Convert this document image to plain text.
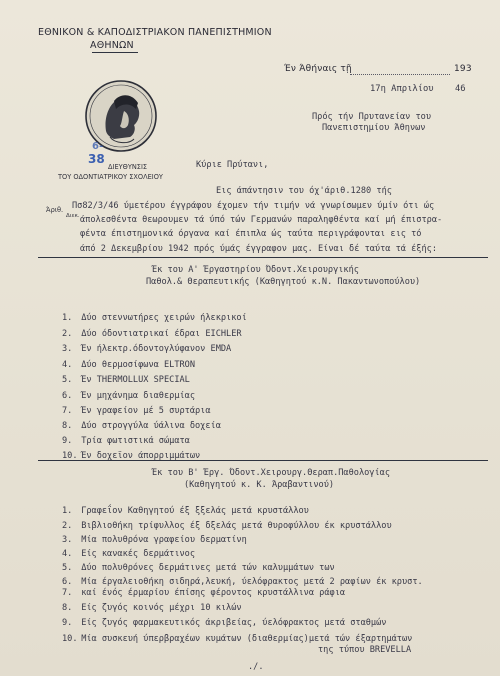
ΕΘΝΙΚΟΝ & ΚΑΠΟΔΙΣΤΡΙΑΚΟΝ ΠΑΝΕΠΙΣΤΗΜΙΟΝ
ΑΘΗΝΩΝ
6-
38
ΔΙΕΥΘΥΝΣΙΣ
ΤΟΥ ΟΔΟΝΤΙΑΤΡΙΚΟΥ ΣΧΟΛΕΙΟΥ
Έν Άθήναις τῇ	193
17η Απριλίου 46
Πρός τήν Πρυτανείαν του
Πανεπιστημίου Άθηνων
Κύριε Πρύτανι,
Άριθ.
Διεκ.
Εις άπάντησιν του όχ'άριθ.1280 τής
Πσ82/3/46 ύμετέρου έγγράφου έχομεν τήν τιμήν νά γνωρίσωμεν ύμίν ότι ώς
άπολεσθέντα θεωρουμεν τά ύπό τών Γερμανών παραληφθέντα καί μή έπιστρα-
φέντα έπιστημονικά όργανα καί έπιπλα ώς ταύτα περιγράφονται εις τό
άπό 2 Δεκεμβρίου 1942 πρός ύμάς έγγραφον μας. Είναι δέ ταύτα τά έξής:
Έκ του Α' Έργαστηρίου Όδοντ.Χειρουργικής
Παθολ.& Θεραπευτικής (Καθηγητού κ.Ν. Πακαντωνοπούλου)
1. Δύο στεννωτήρες χειρών ήλεκρικοί
2. Δύο όδοντιατρικαί έδραι EICHLER
3. Έν ήλεκτρ.όδοντογλύφανον EMDA
4. Δύο θερμοσίφωνα ELTRON
5. Έν THERMOLLUX SPECIAL
6. Έν μηχάνημα διαθερμίας
7. Έν γραφείον μέ 5 συρτάρια
8. Δύο στρογγύλα ύάλινα δοχεία
9. Τρία φωτιστικά σώματα
10. Έν δοχεϊον άπορριμμάτων
Έκ του Β' Έργ. Όδοντ.Χειρουργ.Θεραπ.Παθολογίας
(Καθηγητού κ. Κ. Άραβαντινού)
1. Γραφεΐον Καθηγητού έξ ξξελάς μετά κρυστάλλου
2. Βιβλιοθήκη τρίφυλλος έξ δξελάς μετά θυροφύλλου έκ κρυστάλλου
3. Μία πολυθρόνα γραφείου δερματίνη
4. Είς κανακές δερμάτινος
5. Δύο πολυθρόνες δερμάτινες μετά τών καλυμμάτων των
6. Μία έργαλειοθήκη σιδηρά,λευκή, ύελόφρακτος μετά 2 ραφίων έκ κρυστ.
7. καί ένός έρμαρίου έπίσης φέροντος κρυστάλλινα ράφια
8. Είς ζυγός κοινός μέχρι 10 κιλών
9. Είς ζυγός φαρμακευτικός άκριβείας, ύελόφρακτος μετά σταθμών
10. Μία συσκευή ύπερβραχέων κυμάτων (διαθερμίας)μετά τών έξαρτημάτων
της τύπου BREVELLA
./.
